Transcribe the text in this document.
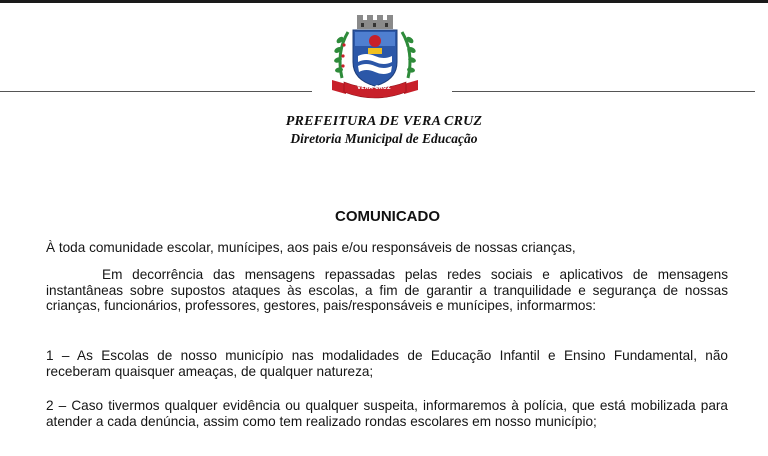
VERA CRUZ
PREFEITURA DE VERA CRUZ
Diretoria Municipal de Educação
COMUNICADO
À toda comunidade escolar, munícipes, aos pais e/ou responsáveis de nossas crianças,
Em decorrência das mensagens repassadas pelas redes sociais e aplicativos de mensagens instantâneas sobre supostos ataques às escolas, a fim de garantir a tranquilidade e segurança de nossas crianças, funcionários, professores, gestores, pais/responsáveis e munícipes, informarmos:
1 – As Escolas de nosso município nas modalidades de Educação Infantil e Ensino Fundamental, não receberam quaisquer ameaças, de qualquer natureza;
2 – Caso tivermos qualquer evidência ou qualquer suspeita, informaremos à polícia, que está mobilizada para atender a cada denúncia, assim como tem realizado rondas escolares em nosso município;
